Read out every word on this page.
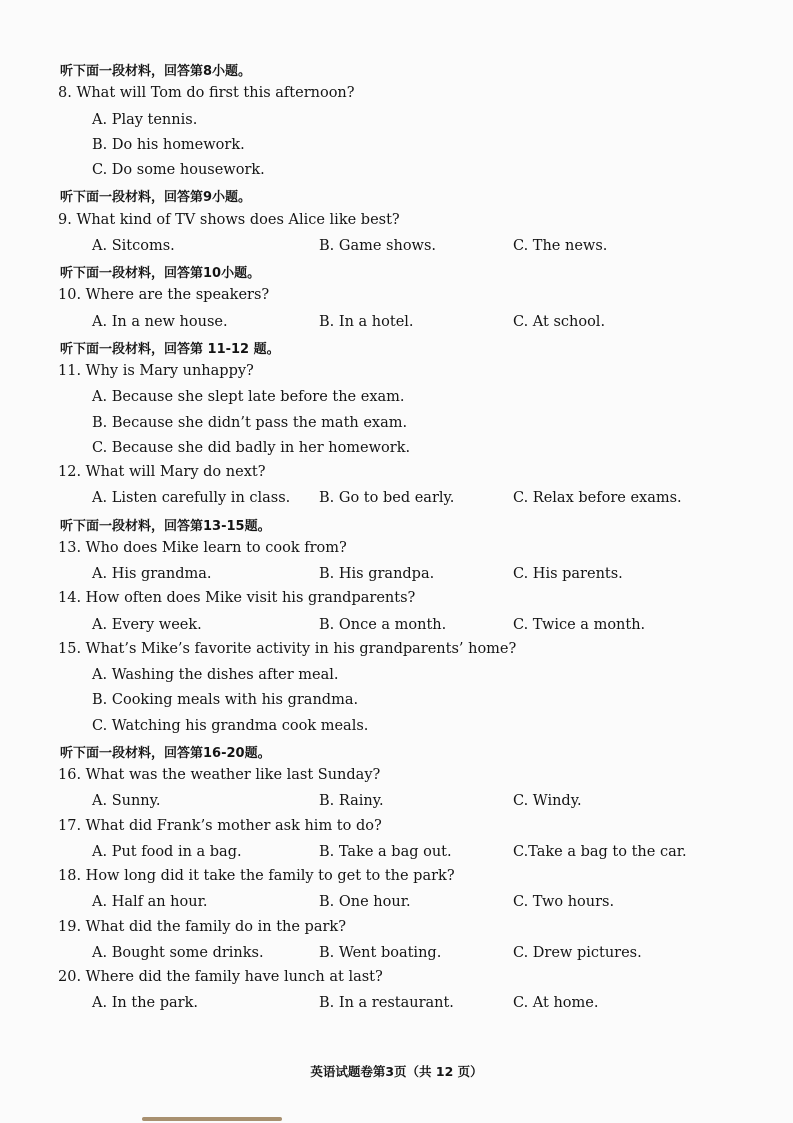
听下面一段材料，回答第8小题。
8. What will Tom do first this afternoon?
A. Play tennis.
B. Do his homework.
C. Do some housework.
听下面一段材料，回答第9小题。
9. What kind of TV shows does Alice like best?
A. Sitcoms.	B. Game shows.	C. The news.
听下面一段材料，回答第10小题。
10. Where are the speakers?
A. In a new house.	B. In a hotel.	C. At school.
听下面一段材料，回答第 11-12 题。
11. Why is Mary unhappy?
A. Because she slept late before the exam.
B. Because she didn’t pass the math exam.
C. Because she did badly in her homework.
12. What will Mary do next?
A. Listen carefully in class. B. Go to bed early.	C. Relax before exams.
听下面一段材料，回答第13-15题。
13. Who does Mike learn to cook from?
A. His grandma.	B. His grandpa.	C. His parents.
14. How often does Mike visit his grandparents?
A. Every week.	B. Once a month.	C. Twice a month.
15. What’s Mike’s favorite activity in his grandparents’ home?
A. Washing the dishes after meal.
B. Cooking meals with his grandma.
C. Watching his grandma cook meals.
听下面一段材料，回答第16-20题。
16. What was the weather like last Sunday?
A. Sunny.	B. Rainy.	C. Windy.
17. What did Frank’s mother ask him to do?
A. Put food in a bag.	B. Take a bag out.	C.Take a bag to the car.
18. How long did it take the family to get to the park?
A. Half an hour.	B. One hour.	C. Two hours.
19. What did the family do in the park?
A. Bought some drinks.	B. Went boating.	C. Drew pictures.
20. Where did the family have lunch at last?
A. In the park.	B. In a restaurant.	C. At home.
英语试题卷第3页（共 12 页）
